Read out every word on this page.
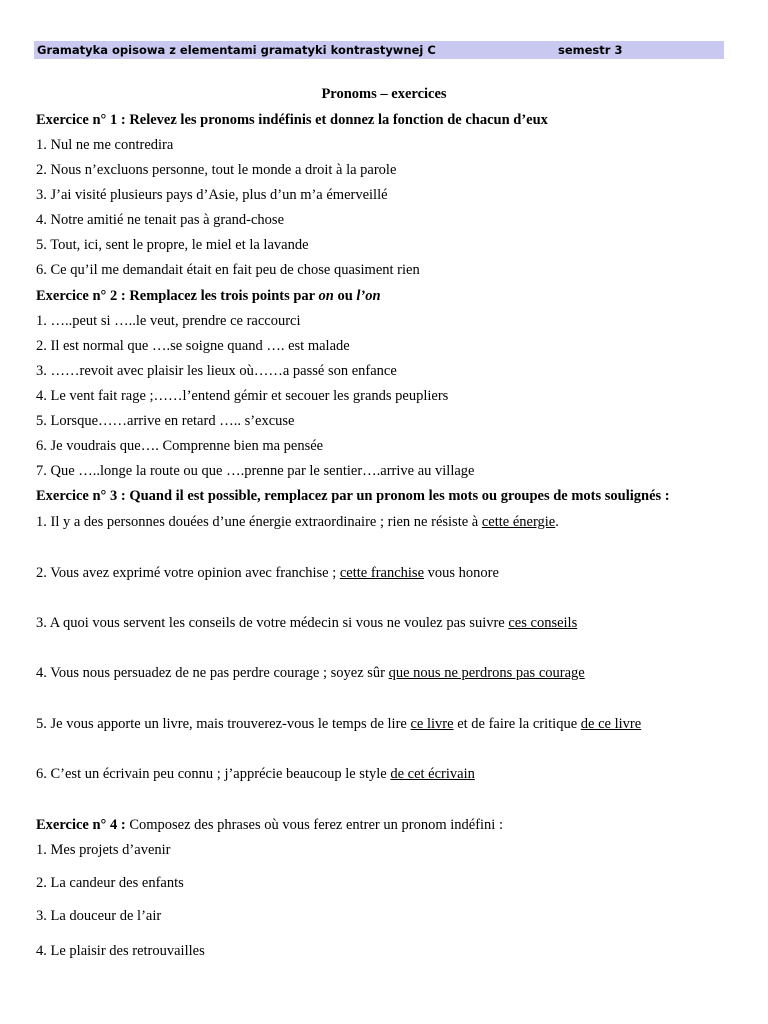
Gramatyka opisowa z elementami gramatyki kontrastywnej C	semestr 3
Pronoms – exercices
Exercice n° 1 : Relevez les pronoms indéfinis et donnez la fonction de chacun d’eux
1. Nul ne me contredira
2. Nous n’excluons personne, tout le monde a droit à la parole
3. J’ai visité plusieurs pays d’Asie, plus d’un m’a émerveillé
4. Notre amitié ne tenait pas à grand-chose
5. Tout, ici, sent le propre, le miel et la lavande
6. Ce qu’il me demandait était en fait peu de chose quasiment rien
Exercice n° 2 : Remplacez les trois points par on ou l’on
1. …..peut si …..le veut, prendre ce raccourci
2. Il est normal que ….se soigne quand …. est malade
3. ……revoit avec plaisir les lieux où……a passé son enfance
4. Le vent fait rage ;……l’entend gémir et secouer les grands peupliers
5. Lorsque……arrive en retard ….. s’excuse
6. Je voudrais que…. Comprenne bien ma pensée
7. Que …..longe la route ou que ….prenne par le sentier….arrive au village
Exercice n° 3 : Quand il est possible, remplacez par un pronom les mots ou groupes de mots soulignés :
1. Il y a des personnes douées d’une énergie extraordinaire ; rien ne résiste à cette énergie.
2. Vous avez exprimé votre opinion avec franchise ; cette franchise vous honore
3. A quoi vous servent les conseils de votre médecin si vous ne voulez pas suivre ces conseils
4. Vous nous persuadez de ne pas perdre courage ; soyez sûr que nous ne perdrons pas courage
5. Je vous apporte un livre, mais trouverez-vous le temps de lire ce livre et de faire la critique de ce livre
6. C’est un écrivain peu connu ; j’apprécie beaucoup le style de cet écrivain
Exercice n° 4 : Composez des phrases où vous ferez entrer un pronom indéfini :
1. Mes projets d’avenir
2. La candeur des enfants
3. La douceur de l’air
4. Le plaisir des retrouvailles
